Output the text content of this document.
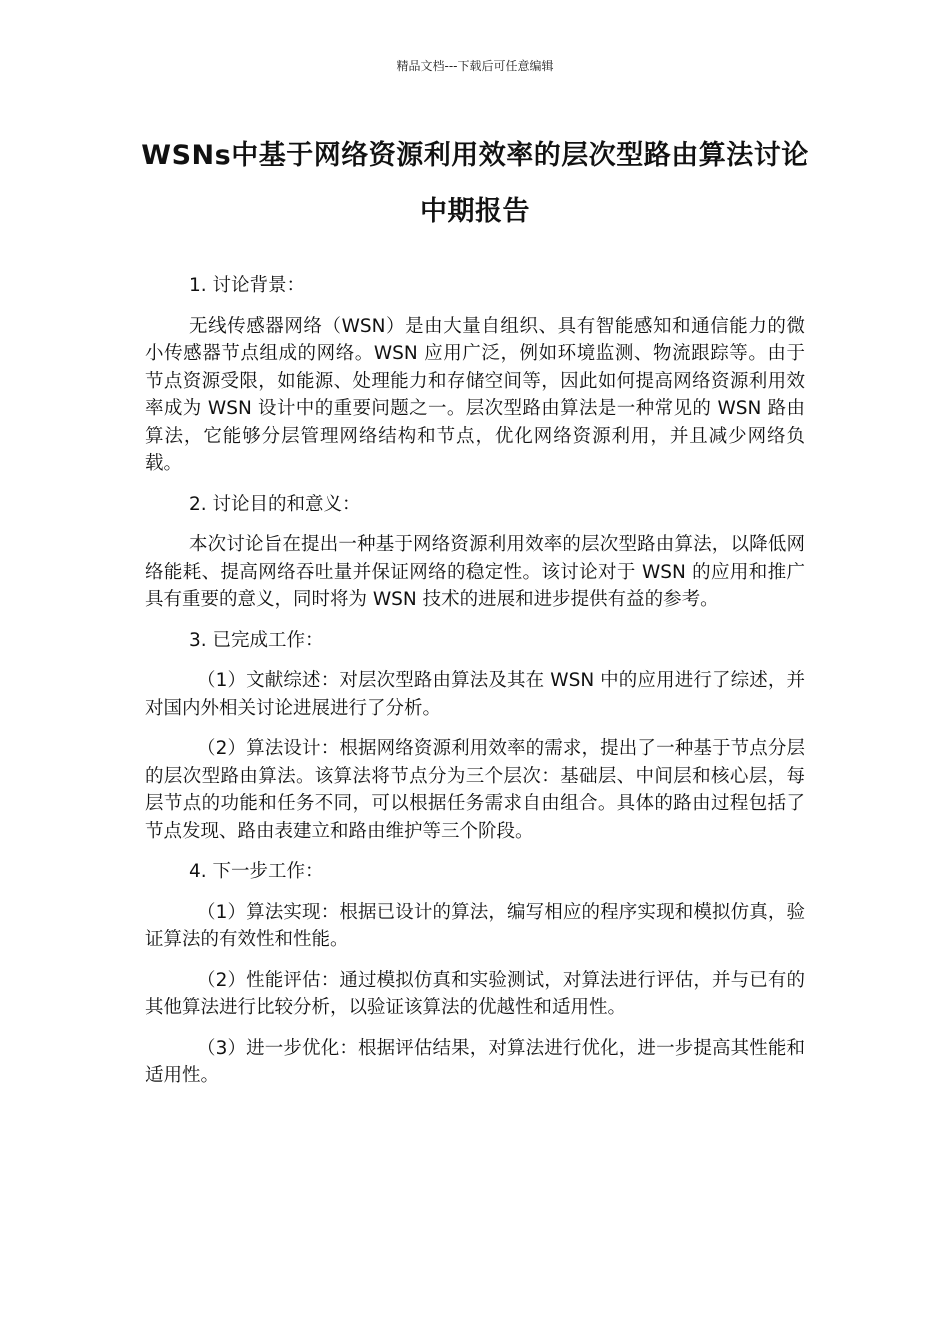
精品文档---下载后可任意编辑
WSNs中基于网络资源利用效率的层次型路由算法讨论中期报告

1. 讨论背景：

无线传感器网络（WSN）是由大量自组织、具有智能感知和通信能力的微小传感器节点组成的网络。WSN 应用广泛，例如环境监测、物流跟踪等。由于节点资源受限，如能源、处理能力和存储空间等，因此如何提高网络资源利用效率成为 WSN 设计中的重要问题之一。层次型路由算法是一种常见的 WSN 路由算法，它能够分层管理网络结构和节点，优化网络资源利用，并且减少网络负载。

2. 讨论目的和意义：

本次讨论旨在提出一种基于网络资源利用效率的层次型路由算法，以降低网络能耗、提高网络吞吐量并保证网络的稳定性。该讨论对于 WSN 的应用和推广具有重要的意义，同时将为 WSN 技术的进展和进步提供有益的参考。

3. 已完成工作：

（1）文献综述：对层次型路由算法及其在 WSN 中的应用进行了综述，并对国内外相关讨论进展进行了分析。

（2）算法设计：根据网络资源利用效率的需求，提出了一种基于节点分层的层次型路由算法。该算法将节点分为三个层次：基础层、中间层和核心层，每层节点的功能和任务不同，可以根据任务需求自由组合。具体的路由过程包括了节点发现、路由表建立和路由维护等三个阶段。

4. 下一步工作：

（1）算法实现：根据已设计的算法，编写相应的程序实现和模拟仿真，验证算法的有效性和性能。

（2）性能评估：通过模拟仿真和实验测试，对算法进行评估，并与已有的其他算法进行比较分析，以验证该算法的优越性和适用性。

（3）进一步优化：根据评估结果，对算法进行优化，进一步提高其性能和适用性。
